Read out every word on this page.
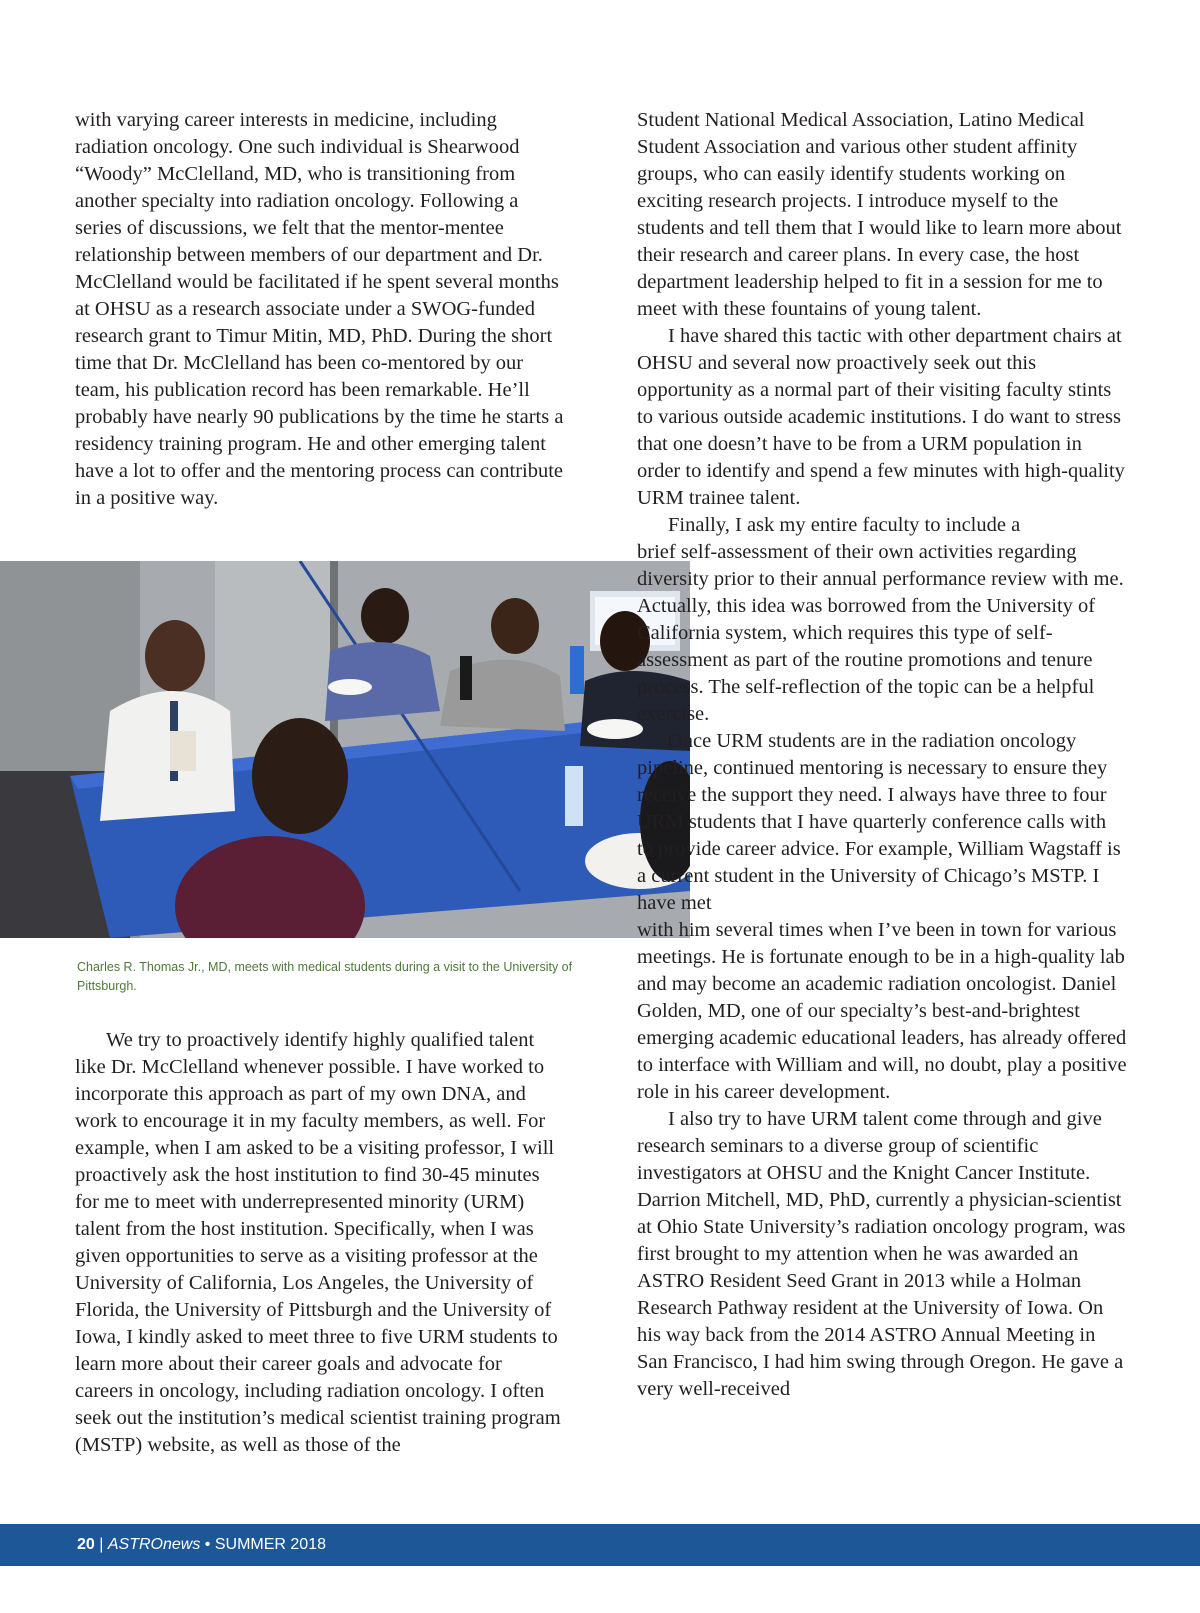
with varying career interests in medicine, including radiation oncology. One such individual is Shearwood “Woody” McClelland, MD, who is transitioning from another specialty into radiation oncology. Following a series of discussions, we felt that the mentor-mentee relationship between members of our department and Dr. McClelland would be facilitated if he spent several months at OHSU as a research associate under a SWOG-funded research grant to Timur Mitin, MD, PhD. During the short time that Dr. McClelland has been co-mentored by our team, his publication record has been remarkable. He’ll probably have nearly 90 publications by the time he starts a residency training program. He and other emerging talent have a lot to offer and the mentoring process can contribute in a positive way.

Charles R. Thomas Jr., MD, meets with medical students during a visit to the University of Pittsburgh.

We try to proactively identify highly qualified talent like Dr. McClelland whenever possible. I have worked to incorporate this approach as part of my own DNA, and work to encourage it in my faculty members, as well. For example, when I am asked to be a visiting professor, I will proactively ask the host institution to find 30-45 minutes for me to meet with underrepresented minority (URM) talent from the host institution. Specifically, when I was given opportunities to serve as a visiting professor at the University of California, Los Angeles, the University of Florida, the University of Pittsburgh and the University of Iowa, I kindly asked to meet three to five URM students to learn more about their career goals and advocate for careers in oncology, including radiation oncology. I often seek out the institution’s medical scientist training program (MSTP) website, as well as those of the

Student National Medical Association, Latino Medical Student Association and various other student affinity groups, who can easily identify students working on exciting research projects. I introduce myself to the students and tell them that I would like to learn more about their research and career plans. In every case, the host department leadership helped to fit in a session for me to meet with these fountains of young talent.

I have shared this tactic with other department chairs at OHSU and several now proactively seek out this opportunity as a normal part of their visiting faculty stints to various outside academic institutions. I do want to stress that one doesn’t have to be from a URM population in order to identify and spend a few minutes with high-quality URM trainee talent.

Finally, I ask my entire faculty to include a

brief self-assessment of their own activities regarding diversity prior to their annual performance review with me. Actually, this idea was borrowed from the University of California system, which requires this type of self-assessment as part of the routine promotions and tenure process. The self-reflection of the topic can be a helpful exercise.

Once URM students are in the radiation oncology pipeline, continued mentoring is necessary to ensure they receive the support they need. I always have three to four URM students that I have quarterly conference calls with to provide career advice. For example, William Wagstaff is a current student in the University of Chicago’s MSTP. I have met

with him several times when I’ve been in town for various meetings. He is fortunate enough to be in a high-quality lab and may become an academic radiation oncologist. Daniel Golden, MD, one of our specialty’s best-and-brightest emerging academic educational leaders, has already offered to interface with William and will, no doubt, play a positive role in his career development.

I also try to have URM talent come through and give research seminars to a diverse group of scientific investigators at OHSU and the Knight Cancer Institute. Darrion Mitchell, MD, PhD, currently a physician-scientist at Ohio State University’s radiation oncology program, was first brought to my attention when he was awarded an ASTRO Resident Seed Grant in 2013 while a Holman Research Pathway resident at the University of Iowa. On his way back from the 2014 ASTRO Annual Meeting in San Francisco, I had him swing through Oregon. He gave a very well-received

20 | ASTROnews • SUMMER 2018
